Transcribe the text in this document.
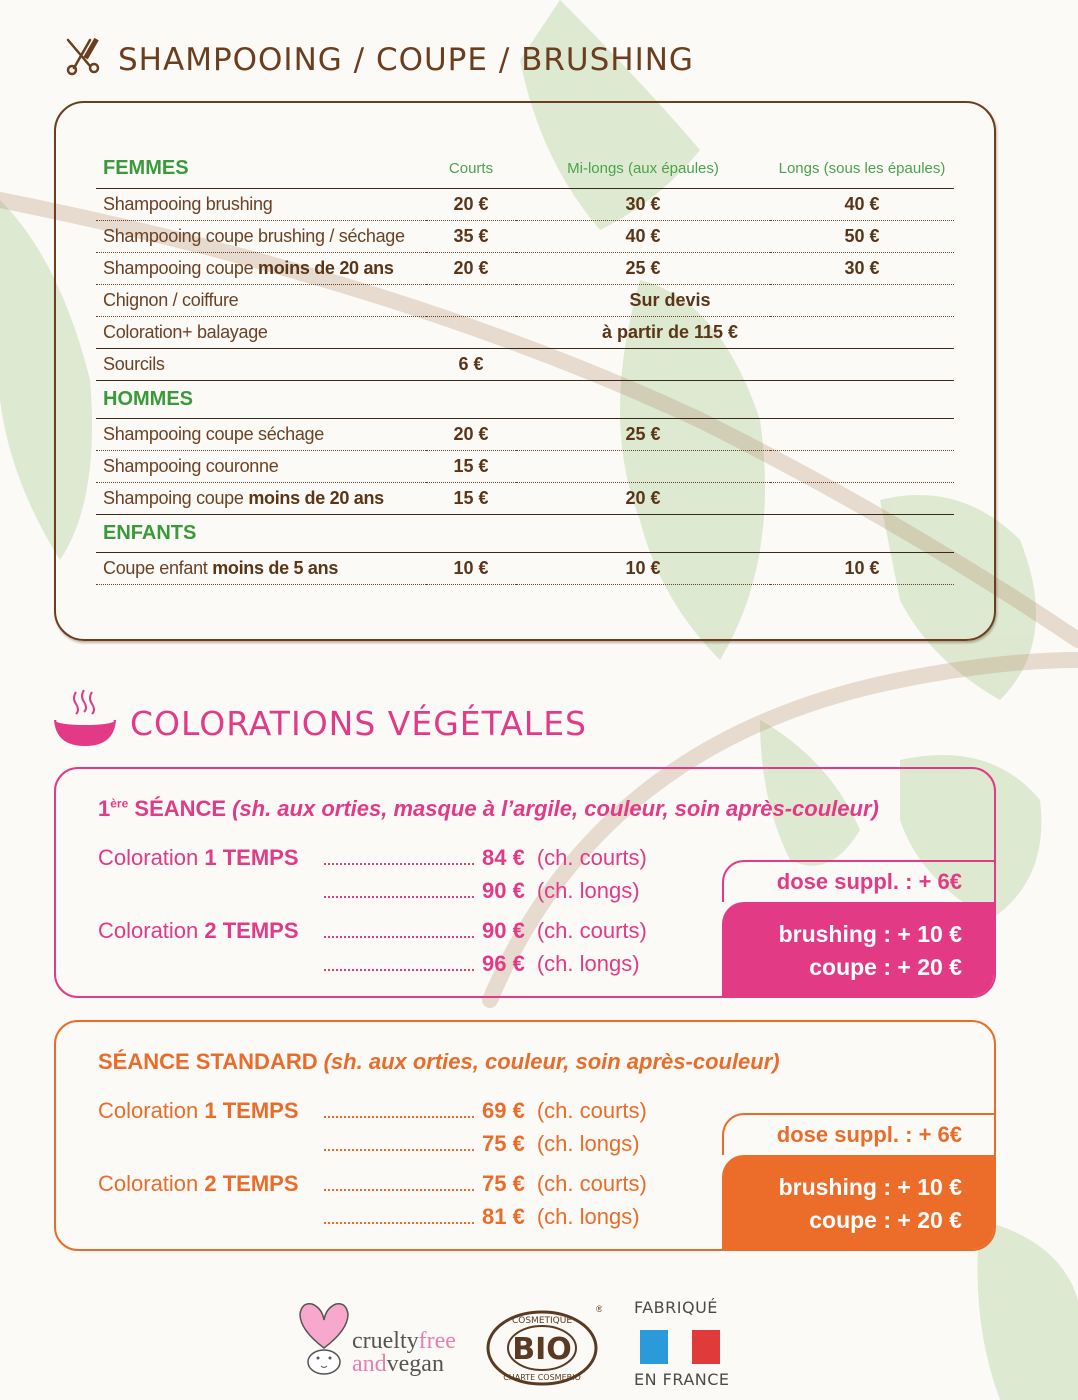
SHAMPOOING / COUPE / BRUSHING
FEMMES	Courts	Mi-longs (aux épaules)	Longs (sous les épaules)
Shampooing brushing	20 €	30 €	40 €
Shampooing coupe brushing / séchage	35 €	40 €	50 €
Shampooing coupe moins de 20 ans	20 €	25 €	30 €
Chignon / coiffure	Sur devis		
Coloration+ balayage	à partir de 115 €		
Sourcils	6 €		
HOMMES			
Shampooing coupe séchage	20 €	25 €	
Shampooing couronne	15 €		
Shampoing coupe moins de 20 ans	15 €	20 €	
ENFANTS			
Coupe enfant moins de 5 ans	10 €	10 €	10 €
COLORATIONS VÉGÉTALES
1ère SÉANCE (sh. aux orties, masque à l’argile, couleur, soin après-couleur)
Coloration 1 TEMPS	84 € (ch. courts)
90 € (ch. longs)
Coloration 2 TEMPS	90 € (ch. courts)
96 € (ch. longs)
dose suppl. : + 6€
brushing : + 10 €
coupe : + 20 €
SÉANCE STANDARD (sh. aux orties, couleur, soin après-couleur)
Coloration 1 TEMPS	69 € (ch. courts)
75 € (ch. longs)
Coloration 2 TEMPS	75 € (ch. courts)
81 € (ch. longs)
dose suppl. : + 6€
brushing : + 10 €
coupe : + 20 €
crueltyfree
andvegan	BIO
COSMETIQUE
CHARTE COSMEBIO
® FABRIQUÉ
EN FRANCE
